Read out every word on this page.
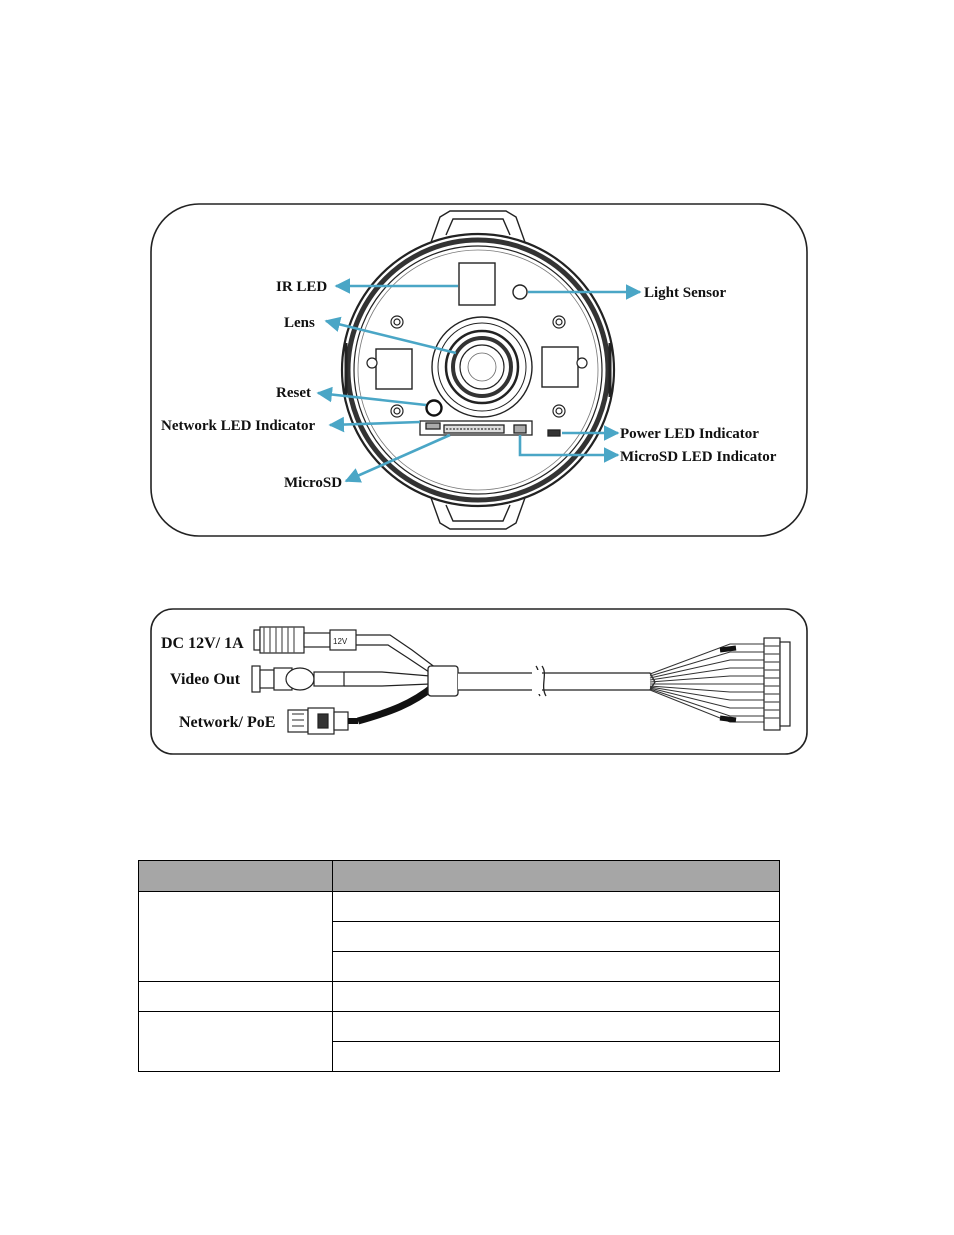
IR LED
Lens
Reset
Network LED Indicator
MicroSD
Light Sensor
Power LED Indicator
MicroSD LED Indicator
12V
DC 12V/ 1A
Video Out
Network/ PoE
